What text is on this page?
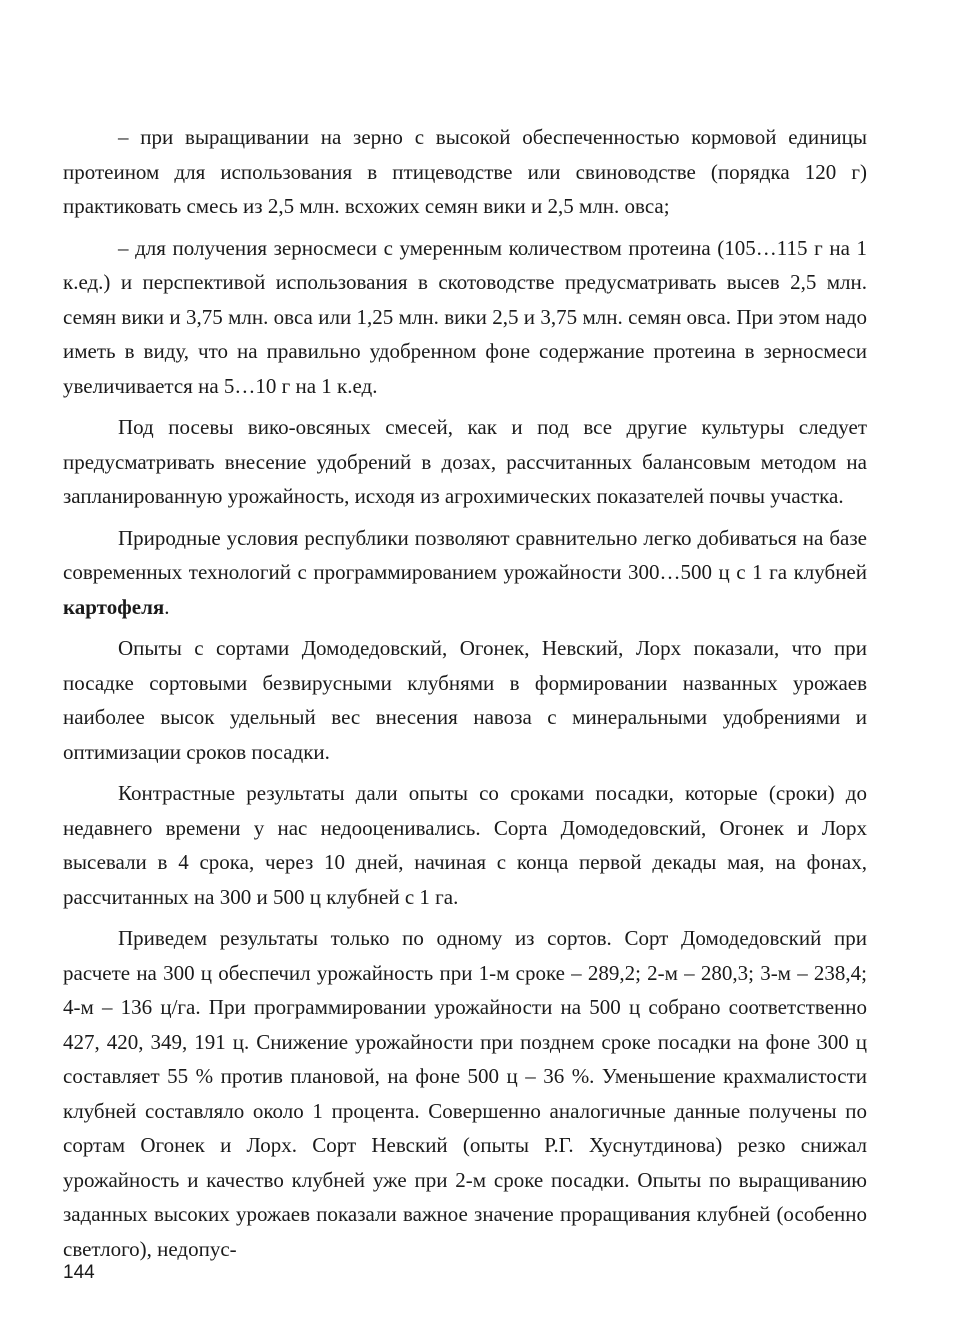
– при выращивании на зерно с высокой обеспеченностью кормовой единицы протеином для использования в птицеводстве или свиноводстве (порядка 120 г) практиковать смесь из 2,5 млн. всхожих семян вики и 2,5 млн. овса;

– для получения зерносмеси с умеренным количеством протеина (105…115 г на 1 к.ед.) и перспективой использования в скотоводстве предусматривать высев 2,5 млн. семян вики и 3,75 млн. овса или 1,25 млн. вики 2,5 и 3,75 млн. семян овса. При этом надо иметь в виду, что на правильно удобренном фоне содержание протеина в зерносмеси увеличивается на 5…10 г на 1 к.ед.

Под посевы вико-овсяных смесей, как и под все другие культуры следует предусматривать внесение удобрений в дозах, рассчитанных балансовым методом на запланированную урожайность, исходя из агрохимических показателей почвы участка.

Природные условия республики позволяют сравнительно легко добиваться на базе современных технологий с программированием урожайности 300…500 ц с 1 га клубней картофеля.

Опыты с сортами Домодедовский, Огонек, Невский, Лорх показали, что при посадке сортовыми безвирусными клубнями в формировании названных урожаев наиболее высок удельный вес внесения навоза с минеральными удобрениями и оптимизации сроков посадки.

Контрастные результаты дали опыты со сроками посадки, которые (сроки) до недавнего времени у нас недооценивались. Сорта Домодедовский, Огонек и Лорх высевали в 4 срока, через 10 дней, начиная с конца первой декады мая, на фонах, рассчитанных на 300 и 500 ц клубней с 1 га.

Приведем результаты только по одному из сортов. Сорт Домодедовский при расчете на 300 ц обеспечил урожайность при 1-м сроке – 289,2; 2-м – 280,3; 3-м – 238,4; 4-м – 136 ц/га. При программировании урожайности на 500 ц собрано соответственно 427, 420, 349, 191 ц. Снижение урожайности при позднем сроке посадки на фоне 300 ц составляет 55 % против плановой, на фоне 500 ц – 36 %. Уменьшение крахмалистости клубней составляло около 1 процента. Совершенно аналогичные данные получены по сортам Огонек и Лорх. Сорт Невский (опыты Р.Г. Хуснутдинова) резко снижал урожайность и качество клубней уже при 2-м сроке посадки. Опыты по выращиванию заданных высоких урожаев показали важное значение проращивания клубней (особенно светлого), недопус-

144
